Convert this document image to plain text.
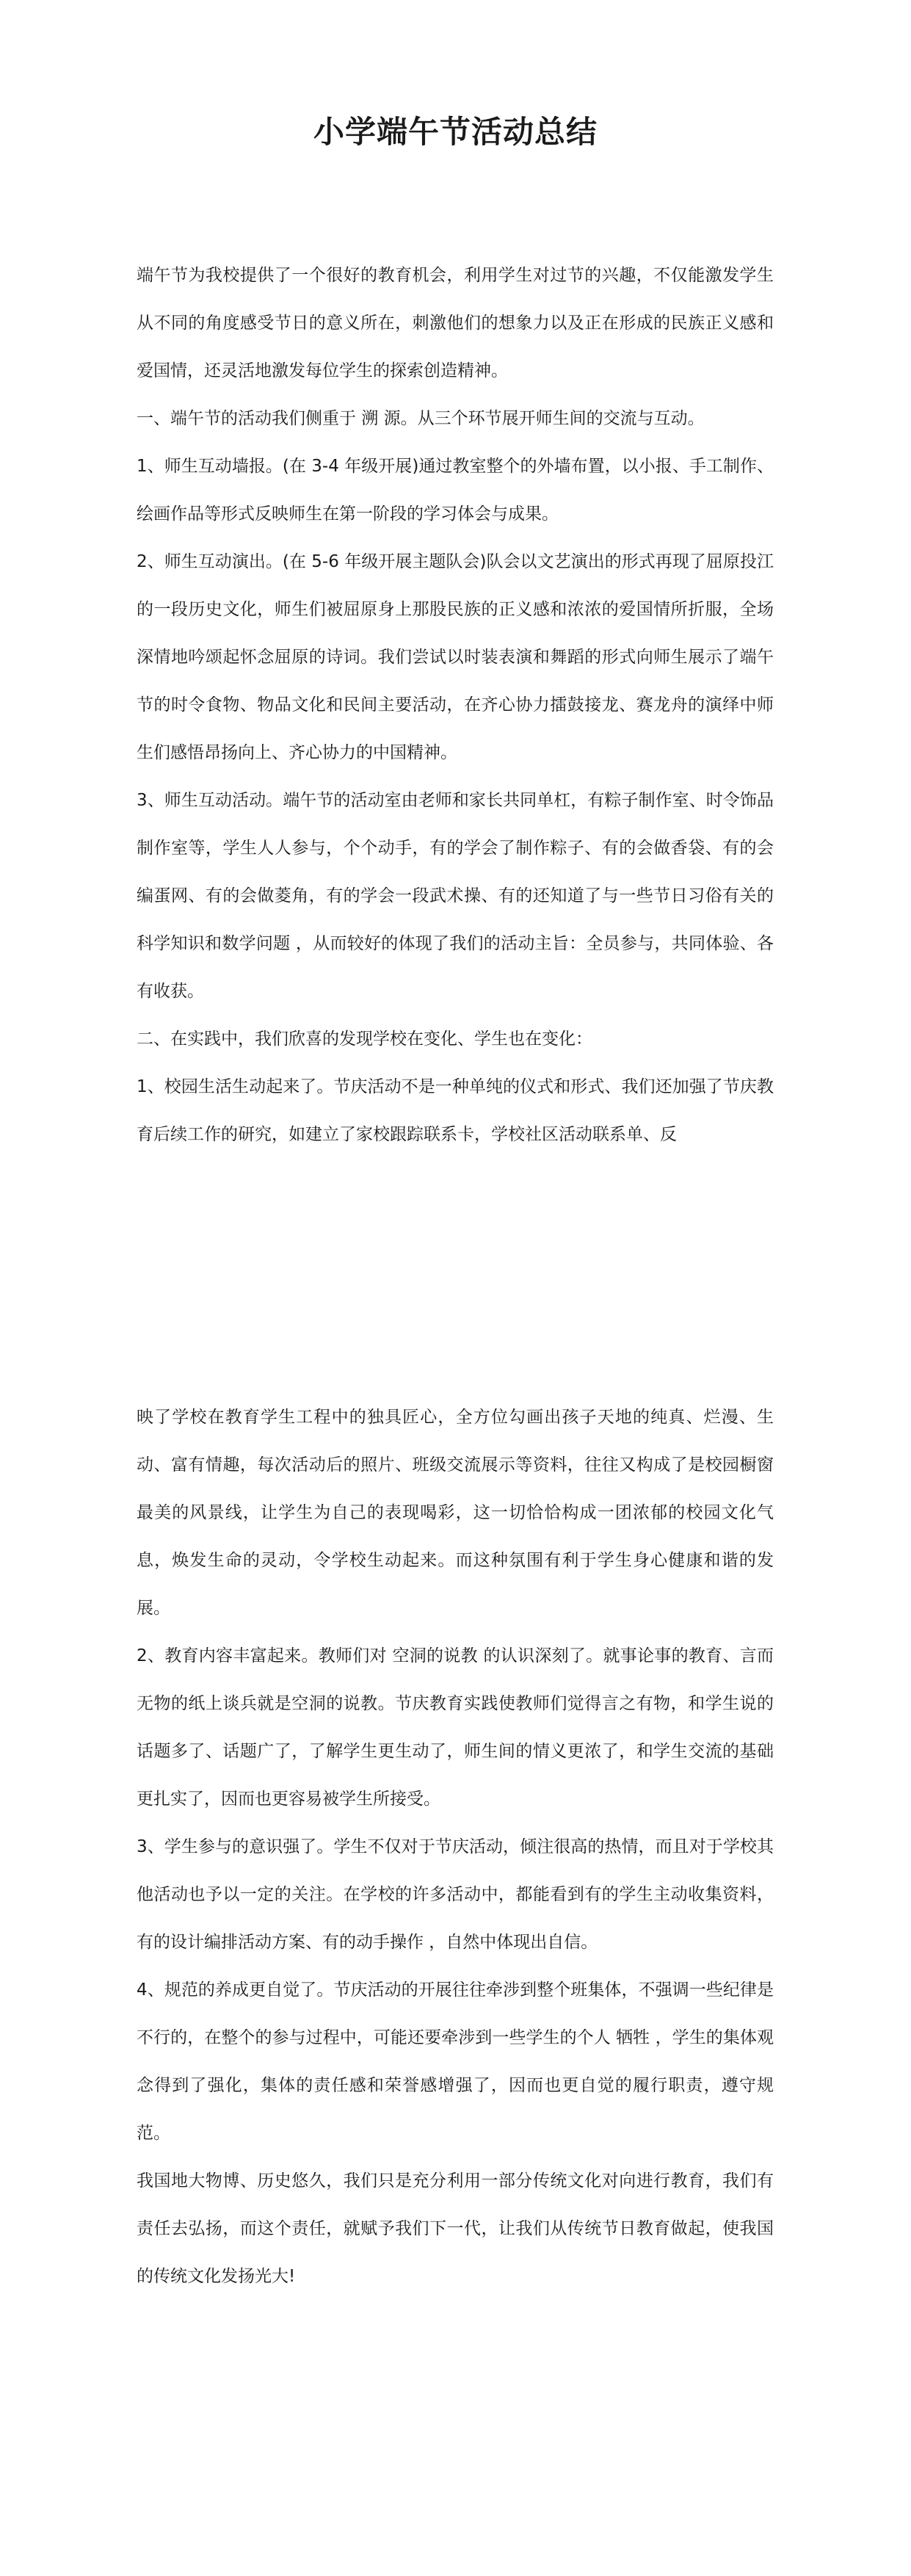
小学端午节活动总结

端午节为我校提供了一个很好的教育机会，利用学生对过节的兴趣，不仅能激发学生从不同的角度感受节日的意义所在，刺激他们的想象力以及正在形成的民族正义感和爱国情，还灵活地激发每位学生的探索创造精神。

一、端午节的活动我们侧重于 溯 源。从三个环节展开师生间的交流与互动。

1、师生互动墙报。(在 3-4 年级开展)通过教室整个的外墙布置，以小报、手工制作、绘画作品等形式反映师生在第一阶段的学习体会与成果。

2、师生互动演出。(在 5-6 年级开展主题队会)队会以文艺演出的形式再现了屈原投江的一段历史文化，师生们被屈原身上那股民族的正义感和浓浓的爱国情所折服，全场深情地吟颂起怀念屈原的诗词。我们尝试以时装表演和舞蹈的形式向师生展示了端午节的时令食物、物品文化和民间主要活动，在齐心协力擂鼓接龙、赛龙舟的演绎中师生们感悟昂扬向上、齐心协力的中国精神。

3、师生互动活动。端午节的活动室由老师和家长共同单杠，有粽子制作室、时令饰品制作室等，学生人人参与，个个动手，有的学会了制作粽子、有的会做香袋、有的会编蛋网、有的会做菱角，有的学会一段武术操、有的还知道了与一些节日习俗有关的科学知识和数学问题 ，从而较好的体现了我们的活动主旨：全员参与，共同体验、各有收获。

二、在实践中，我们欣喜的发现学校在变化、学生也在变化：

1、校园生活生动起来了。节庆活动不是一种单纯的仪式和形式、我们还加强了节庆教育后续工作的研究，如建立了家校跟踪联系卡，学校社区活动联系单、反

映了学校在教育学生工程中的独具匠心，全方位勾画出孩子天地的纯真、烂漫、生动、富有情趣，每次活动后的照片、班级交流展示等资料，往往又构成了是校园橱窗最美的风景线，让学生为自己的表现喝彩，这一切恰恰构成一团浓郁的校园文化气息，焕发生命的灵动，令学校生动起来。而这种氛围有利于学生身心健康和谐的发展。

2、教育内容丰富起来。教师们对 空洞的说教 的认识深刻了。就事论事的教育、言而无物的纸上谈兵就是空洞的说教。节庆教育实践使教师们觉得言之有物，和学生说的话题多了、话题广了，了解学生更生动了，师生间的情义更浓了，和学生交流的基础更扎实了，因而也更容易被学生所接受。

3、学生参与的意识强了。学生不仅对于节庆活动，倾注很高的热情，而且对于学校其他活动也予以一定的关注。在学校的许多活动中，都能看到有的学生主动收集资料，有的设计编排活动方案、有的动手操作 ，自然中体现出自信。

4、规范的养成更自觉了。节庆活动的开展往往牵涉到整个班集体，不强调一些纪律是不行的，在整个的参与过程中，可能还要牵涉到一些学生的个人 牺牲 ，学生的集体观念得到了强化，集体的责任感和荣誉感增强了，因而也更自觉的履行职责，遵守规范。

我国地大物博、历史悠久，我们只是充分利用一部分传统文化对向进行教育，我们有责任去弘扬，而这个责任，就赋予我们下一代，让我们从传统节日教育做起，使我国的传统文化发扬光大!
